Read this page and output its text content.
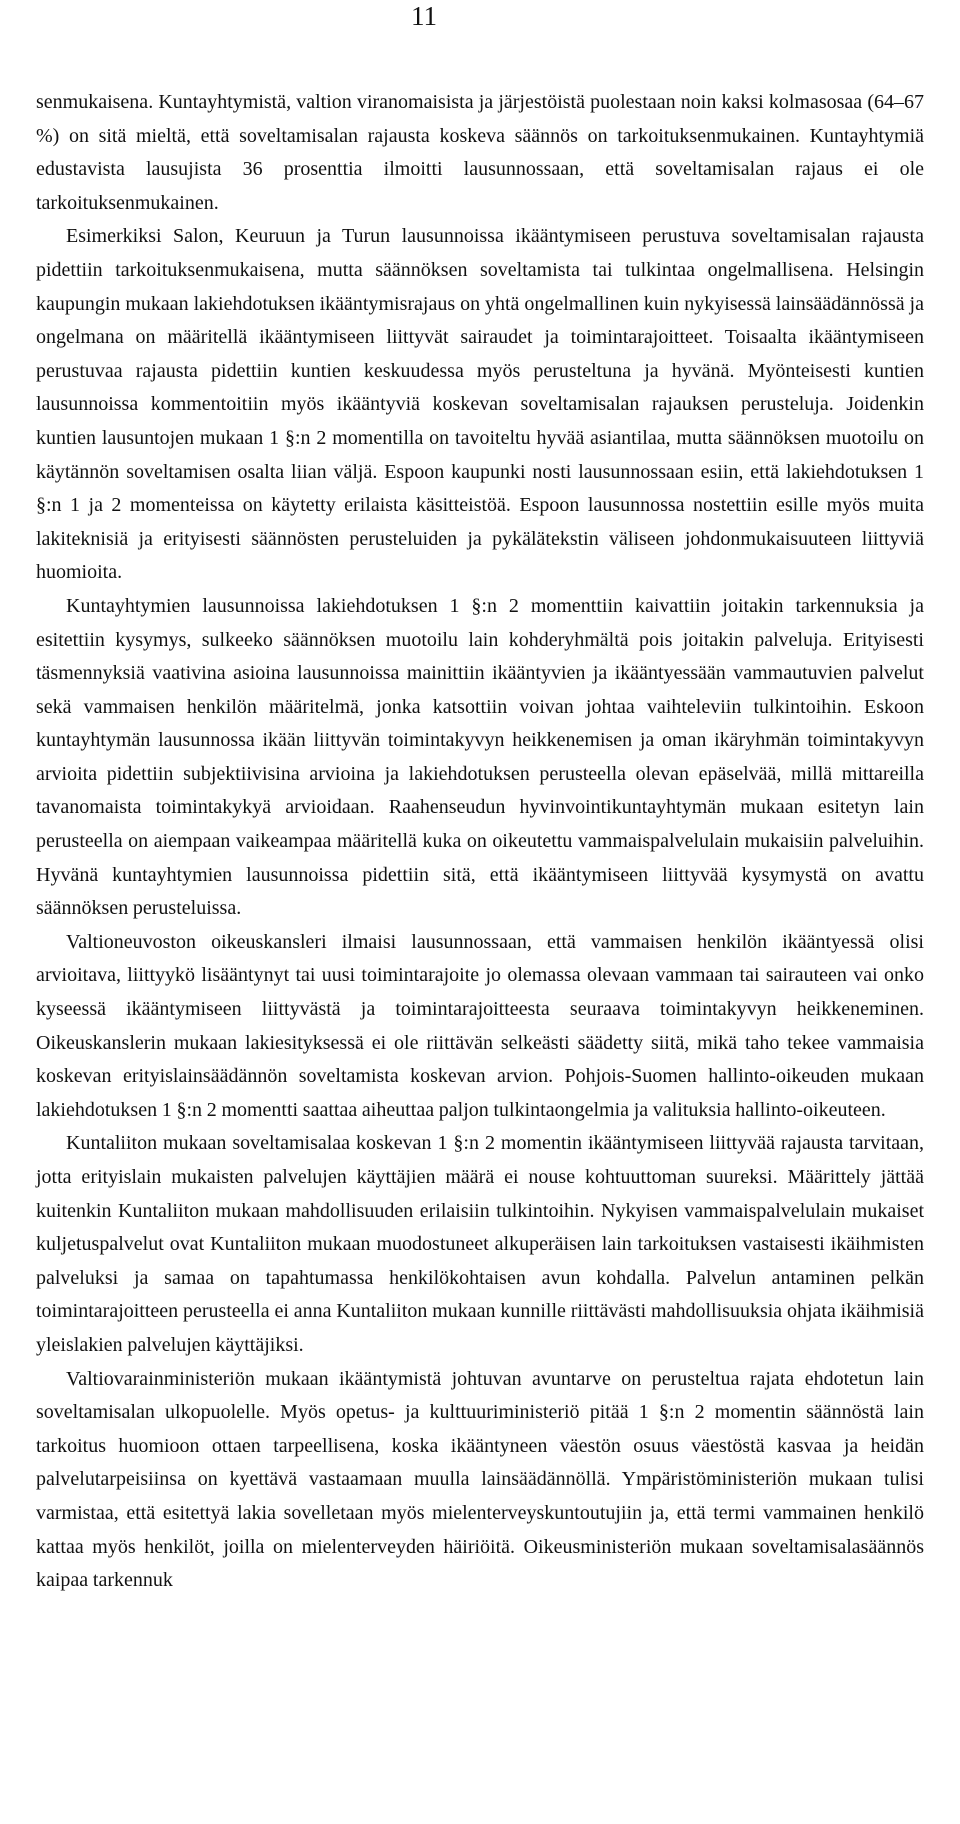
11

senmukaisena. Kuntayhtymistä, valtion viranomaisista ja järjestöistä puolestaan noin kaksi kolmasosaa (64–67 %) on sitä mieltä, että soveltamisalan rajausta koskeva säännös on tarkoituksenmukainen. Kuntayhtymiä edustavista lausujista 36 prosenttia ilmoitti lausunnossaan, että soveltamisalan rajaus ei ole tarkoituksenmukainen.

Esimerkiksi Salon, Keuruun ja Turun lausunnoissa ikääntymiseen perustuva soveltamisalan rajausta pidettiin tarkoituksenmukaisena, mutta säännöksen soveltamista tai tulkintaa ongelmallisena. Helsingin kaupungin mukaan lakiehdotuksen ikääntymisrajaus on yhtä ongelmallinen kuin nykyisessä lainsäädännössä ja ongelmana on määritellä ikääntymiseen liittyvät sairaudet ja toimintarajoitteet. Toisaalta ikääntymiseen perustuvaa rajausta pidettiin kuntien keskuudessa myös perusteltuna ja hyvänä. Myönteisesti kuntien lausunnoissa kommentoitiin myös ikääntyviä koskevan soveltamisalan rajauksen perusteluja. Joidenkin kuntien lausuntojen mukaan 1 §:n 2 momentilla on tavoiteltu hyvää asiantilaa, mutta säännöksen muotoilu on käytännön soveltamisen osalta liian väljä. Espoon kaupunki nosti lausunnossaan esiin, että lakiehdotuksen 1 §:n 1 ja 2 momenteissa on käytetty erilaista käsitteistöä. Espoon lausunnossa nostettiin esille myös muita lakiteknisiä ja erityisesti säännösten perusteluiden ja pykälätekstin väliseen johdonmukaisuuteen liittyviä huomioita.

Kuntayhtymien lausunnoissa lakiehdotuksen 1 §:n 2 momenttiin kaivattiin joitakin tarkennuksia ja esitettiin kysymys, sulkeeko säännöksen muotoilu lain kohderyhmältä pois joitakin palveluja. Erityisesti täsmennyksiä vaativina asioina lausunnoissa mainittiin ikääntyvien ja ikääntyessään vammautuvien palvelut sekä vammaisen henkilön määritelmä, jonka katsottiin voivan johtaa vaihteleviin tulkintoihin. Eskoon kuntayhtymän lausunnossa ikään liittyvän toimintakyvyn heikkenemisen ja oman ikäryhmän toimintakyvyn arvioita pidettiin subjektiivisina arvioina ja lakiehdotuksen perusteella olevan epäselvää, millä mittareilla tavanomaista toimintakykyä arvioidaan. Raahenseudun hyvinvointikuntayhtymän mukaan esitetyn lain perusteella on aiempaan vaikeampaa määritellä kuka on oikeutettu vammaispalvelulain mukaisiin palveluihin. Hyvänä kuntayhtymien lausunnoissa pidettiin sitä, että ikääntymiseen liittyvää kysymystä on avattu säännöksen perusteluissa.

Valtioneuvoston oikeuskansleri ilmaisi lausunnossaan, että vammaisen henkilön ikääntyessä olisi arvioitava, liittyykö lisääntynyt tai uusi toimintarajoite jo olemassa olevaan vammaan tai sairauteen vai onko kyseessä ikääntymiseen liittyvästä ja toimintarajoitteesta seuraava toimintakyvyn heikkeneminen. Oikeuskanslerin mukaan lakiesityksessä ei ole riittävän selkeästi säädetty siitä, mikä taho tekee vammaisia koskevan erityislainsäädännön soveltamista koskevan arvion. Pohjois-Suomen hallinto-oikeuden mukaan lakiehdotuksen 1 §:n 2 momentti saattaa aiheuttaa paljon tulkintaongelmia ja valituksia hallinto-oikeuteen.

Kuntaliiton mukaan soveltamisalaa koskevan 1 §:n 2 momentin ikääntymiseen liittyvää rajausta tarvitaan, jotta erityislain mukaisten palvelujen käyttäjien määrä ei nouse kohtuuttoman suureksi. Määrittely jättää kuitenkin Kuntaliiton mukaan mahdollisuuden erilaisiin tulkintoihin. Nykyisen vammaispalvelulain mukaiset kuljetuspalvelut ovat Kuntaliiton mukaan muodostuneet alkuperäisen lain tarkoituksen vastaisesti ikäihmisten palveluksi ja samaa on tapahtumassa henkilökohtaisen avun kohdalla. Palvelun antaminen pelkän toimintarajoitteen perusteella ei anna Kuntaliiton mukaan kunnille riittävästi mahdollisuuksia ohjata ikäihmisiä yleislakien palvelujen käyttäjiksi.

Valtiovarainministeriön mukaan ikääntymistä johtuvan avuntarve on perusteltua rajata ehdotetun lain soveltamisalan ulkopuolelle. Myös opetus- ja kulttuuriministeriö pitää 1 §:n 2 momentin säännöstä lain tarkoitus huomioon ottaen tarpeellisena, koska ikääntyneen väestön osuus väestöstä kasvaa ja heidän palvelutarpeisiinsa on kyettävä vastaamaan muulla lainsäädännöllä. Ympäristöministeriön mukaan tulisi varmistaa, että esitettyä lakia sovelletaan myös mielenterveyskuntoutujiin ja, että termi vammainen henkilö kattaa myös henkilöt, joilla on mielenterveyden häiriöitä. Oikeusministeriön mukaan soveltamisalasäännös kaipaa tarkennuk
